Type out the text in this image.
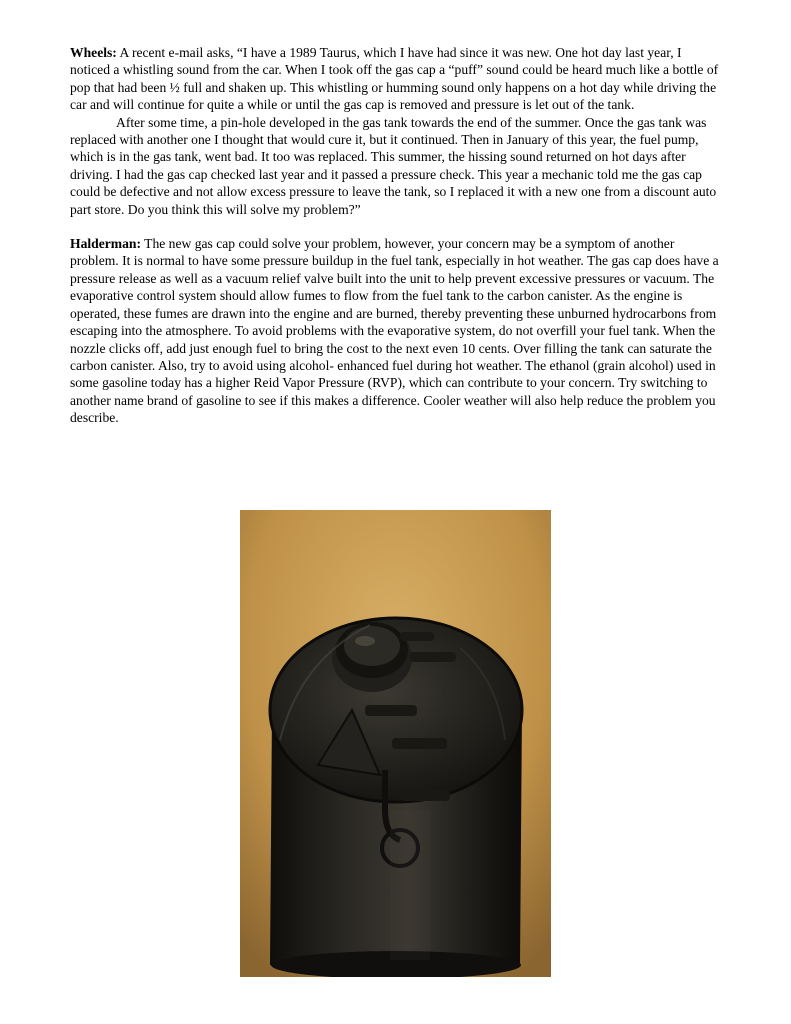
Wheels: A recent e-mail asks, “I have a 1989 Taurus, which I have had since it was new. One hot day last year, I noticed a whistling sound from the car. When I took off the gas cap a “puff” sound could be heard much like a bottle of pop that had been ½ full and shaken up. This whistling or humming sound only happens on a hot day while driving the car and will continue for quite a while or until the gas cap is removed and pressure is let out of the tank.

After some time, a pin-hole developed in the gas tank towards the end of the summer. Once the gas tank was replaced with another one I thought that would cure it, but it continued. Then in January of this year, the fuel pump, which is in the gas tank, went bad. It too was replaced. This summer, the hissing sound returned on hot days after driving. I had the gas cap checked last year and it passed a pressure check. This year a mechanic told me the gas cap could be defective and not allow excess pressure to leave the tank, so I replaced it with a new one from a discount auto part store. Do you think this will solve my problem?”

Halderman: The new gas cap could solve your problem, however, your concern may be a symptom of another problem. It is normal to have some pressure buildup in the fuel tank, especially in hot weather. The gas cap does have a pressure release as well as a vacuum relief valve built into the unit to help prevent excessive pressures or vacuum. The evaporative control system should allow fumes to flow from the fuel tank to the carbon canister. As the engine is operated, these fumes are drawn into the engine and are burned, thereby preventing these unburned hydrocarbons from escaping into the atmosphere. To avoid problems with the evaporative system, do not overfill your fuel tank. When the nozzle clicks off, add just enough fuel to bring the cost to the next even 10 cents. Over filling the tank can saturate the carbon canister. Also, try to avoid using alcohol- enhanced fuel during hot weather. The ethanol (grain alcohol) used in some gasoline today has a higher Reid Vapor Pressure (RVP), which can contribute to your concern. Try switching to another name brand of gasoline to see if this makes a difference. Cooler weather will also help reduce the problem you describe.
